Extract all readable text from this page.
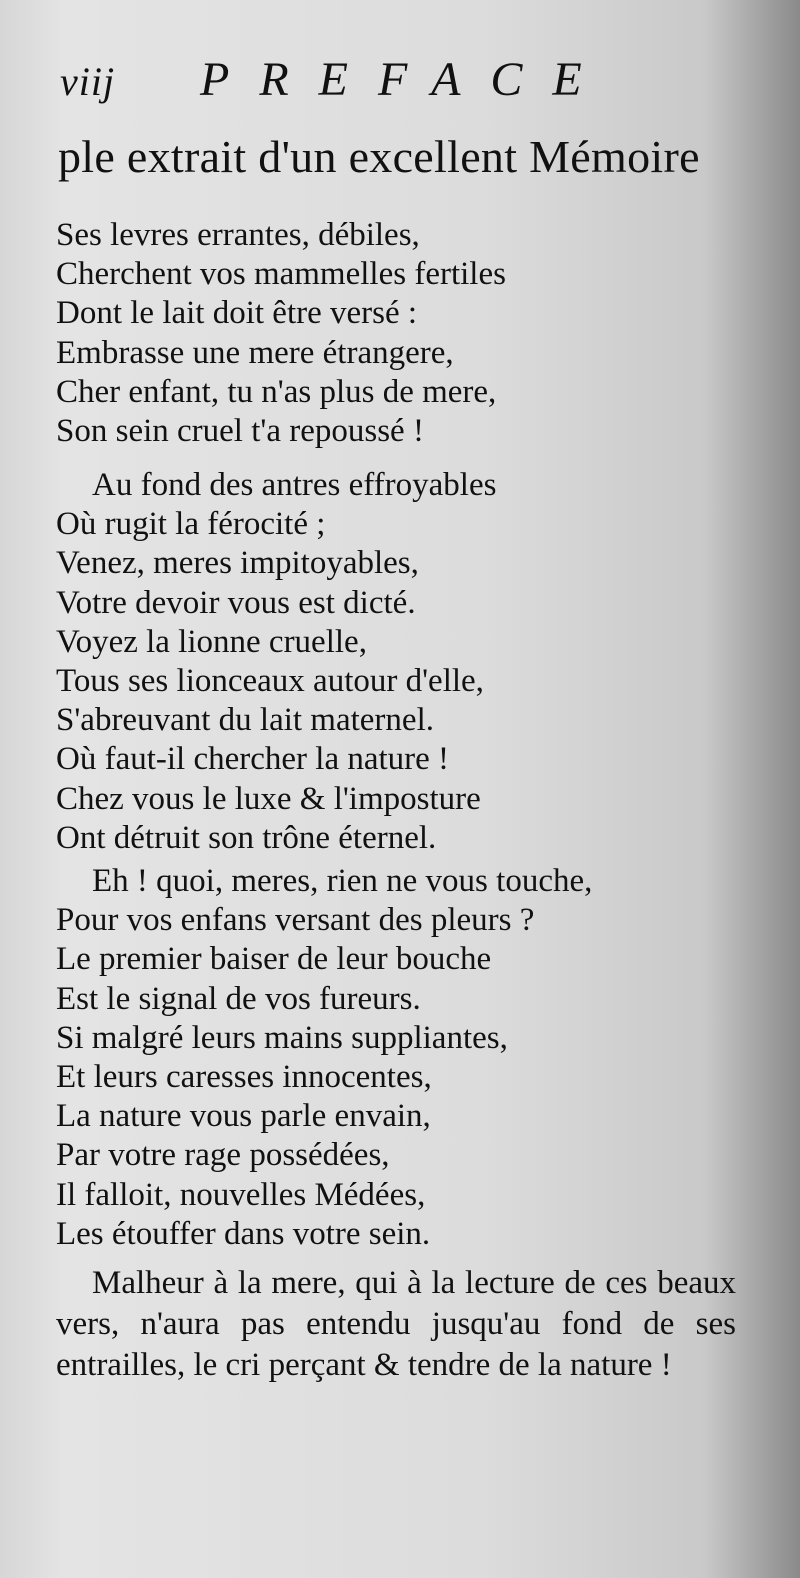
viij PREFACE
ple extrait d'un excellent Mémoire
Ses levres errantes, débiles,
Cherchent vos mammelles fertiles
Dont le lait doit être versé :
Embrasse une mere étrangere,
Cher enfant, tu n'as plus de mere,
Son sein cruel t'a repoussé !
Au fond des antres effroyables
Où rugit la férocité ;
Venez, meres impitoyables,
Votre devoir vous est dicté.
Voyez la lionne cruelle,
Tous ses lionceaux autour d'elle,
S'abreuvant du lait maternel.
Où faut-il chercher la nature !
Chez vous le luxe & l'imposture
Ont détruit son trône éternel.
Eh ! quoi, meres, rien ne vous touche,
Pour vos enfans versant des pleurs ?
Le premier baiser de leur bouche
Est le signal de vos fureurs.
Si malgré leurs mains suppliantes,
Et leurs caresses innocentes,
La nature vous parle envain,
Par votre rage possédées,
Il falloit, nouvelles Médées,
Les étouffer dans votre sein.
Malheur à la mere, qui à la lecture de ces beaux vers, n'aura pas entendu jusqu'au fond de ses entrailles, le cri perçant & tendre de la nature !
